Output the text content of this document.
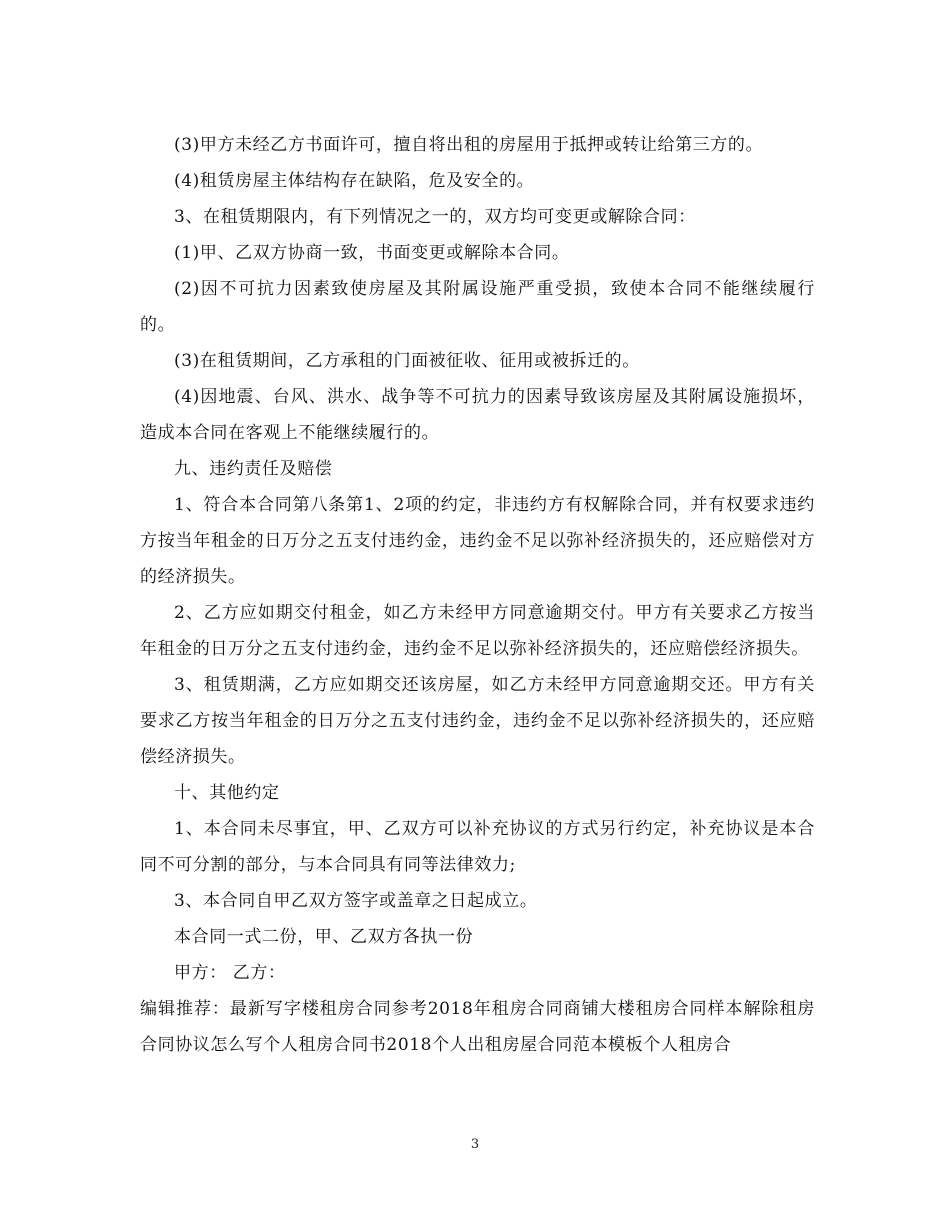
(3)甲方未经乙方书面许可，擅自将出租的房屋用于抵押或转让给第三方的。

(4)租赁房屋主体结构存在缺陷，危及安全的。

3、在租赁期限内，有下列情况之一的，双方均可变更或解除合同：

(1)甲、乙双方协商一致，书面变更或解除本合同。

(2)因不可抗力因素致使房屋及其附属设施严重受损，致使本合同不能继续履行的。

(3)在租赁期间，乙方承租的门面被征收、征用或被拆迁的。

(4)因地震、台风、洪水、战争等不可抗力的因素导致该房屋及其附属设施损坏，造成本合同在客观上不能继续履行的。

九、违约责任及赔偿

1、符合本合同第八条第1、2项的约定，非违约方有权解除合同，并有权要求违约方按当年租金的日万分之五支付违约金，违约金不足以弥补经济损失的，还应赔偿对方的经济损失。

2、乙方应如期交付租金，如乙方未经甲方同意逾期交付。甲方有关要求乙方按当年租金的日万分之五支付违约金，违约金不足以弥补经济损失的，还应赔偿经济损失。

3、租赁期满，乙方应如期交还该房屋，如乙方未经甲方同意逾期交还。甲方有关要求乙方按当年租金的日万分之五支付违约金，违约金不足以弥补经济损失的，还应赔偿经济损失。

十、其他约定

1、本合同未尽事宜，甲、乙双方可以补充协议的方式另行约定，补充协议是本合同不可分割的部分，与本合同具有同等法律效力;

3、本合同自甲乙双方签字或盖章之日起成立。

本合同一式二份，甲、乙双方各执一份

甲方： 乙方：

编辑推荐：最新写字楼租房合同参考2018年租房合同商铺大楼租房合同样本解除租房合同协议怎么写个人租房合同书2018个人出租房屋合同范本模板个人租房合

3
